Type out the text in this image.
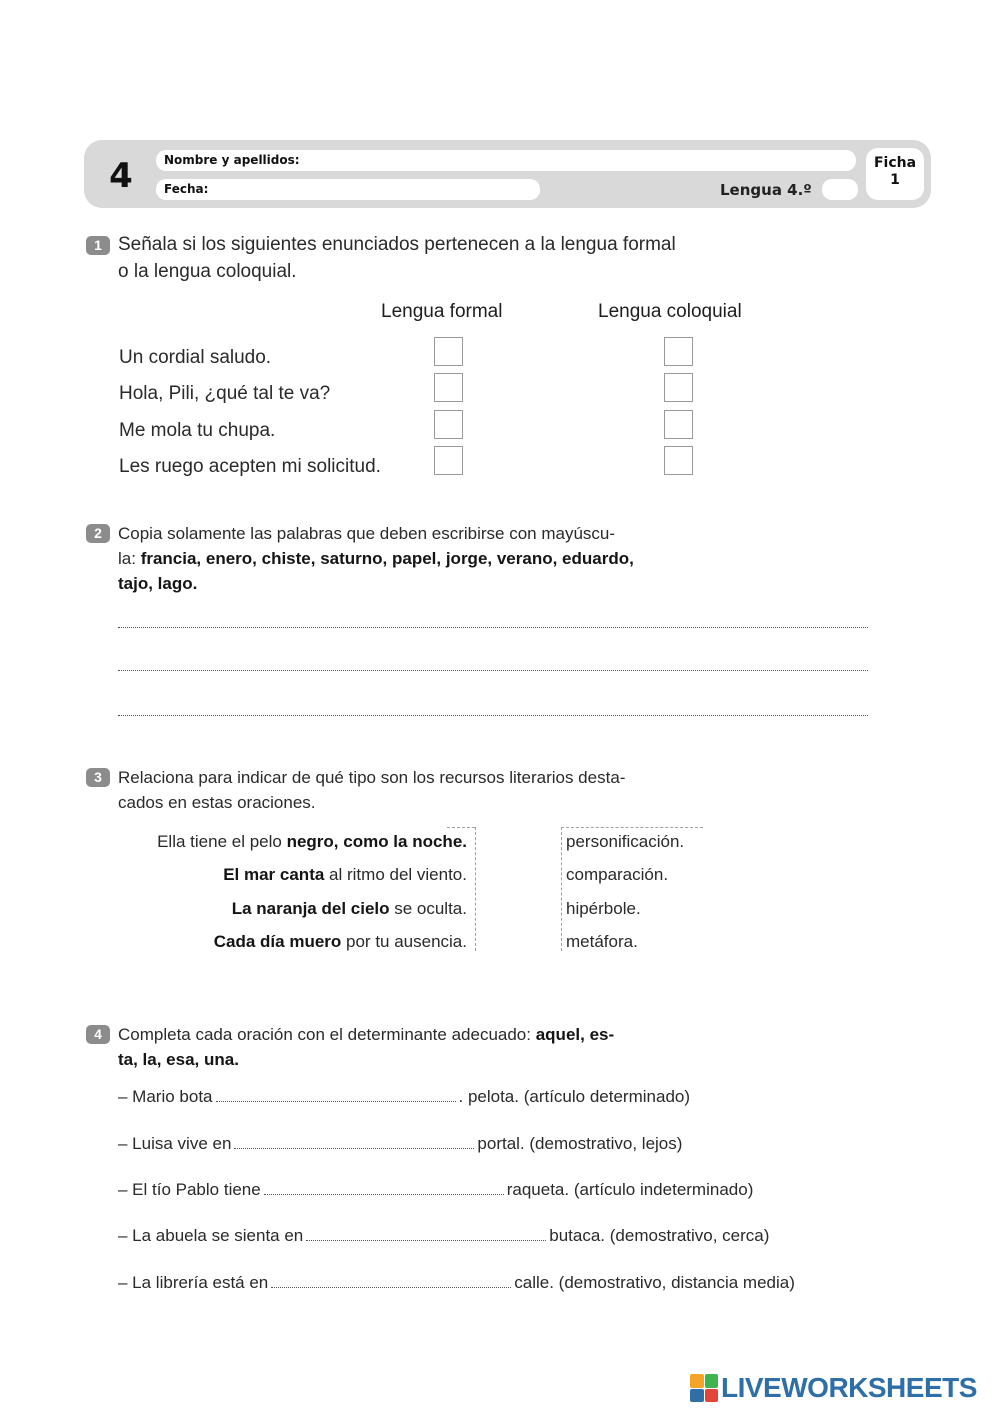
4	Nombre y apellidos:
Fecha:	Lengua 4.º
Ficha
1
1 Señala si los siguientes enunciados pertenecen a la lengua formal
o la lengua coloquial.
Lengua formal	Lengua coloquial
Un cordial saludo.
Hola, Pili, ¿qué tal te va?
Me mola tu chupa.
Les ruego acepten mi solicitud.
2 Copia solamente las palabras que deben escribirse con mayúscu-
la: francia, enero, chiste, saturno, papel, jorge, verano, eduardo,
tajo, lago.
3 Relaciona para indicar de qué tipo son los recursos literarios desta-
cados en estas oraciones.
Ella tiene el pelo negro, como la noche.
El mar canta al ritmo del viento.
La naranja del cielo se oculta.
Cada día muero por tu ausencia.
personificación.
comparación.
hipérbole.
metáfora.
4 Completa cada oración con el determinante adecuado: aquel, es-
ta, la, esa, una.
– Mario bota	. pelota. (artículo determinado)
– Luisa vive en	portal. (demostrativo, lejos)
– El tío Pablo tiene	raqueta. (artículo indeterminado)
– La abuela se sienta en	butaca. (demostrativo, cerca)
– La librería está en	calle. (demostrativo, distancia media)
LIVEWORKSHEETS
